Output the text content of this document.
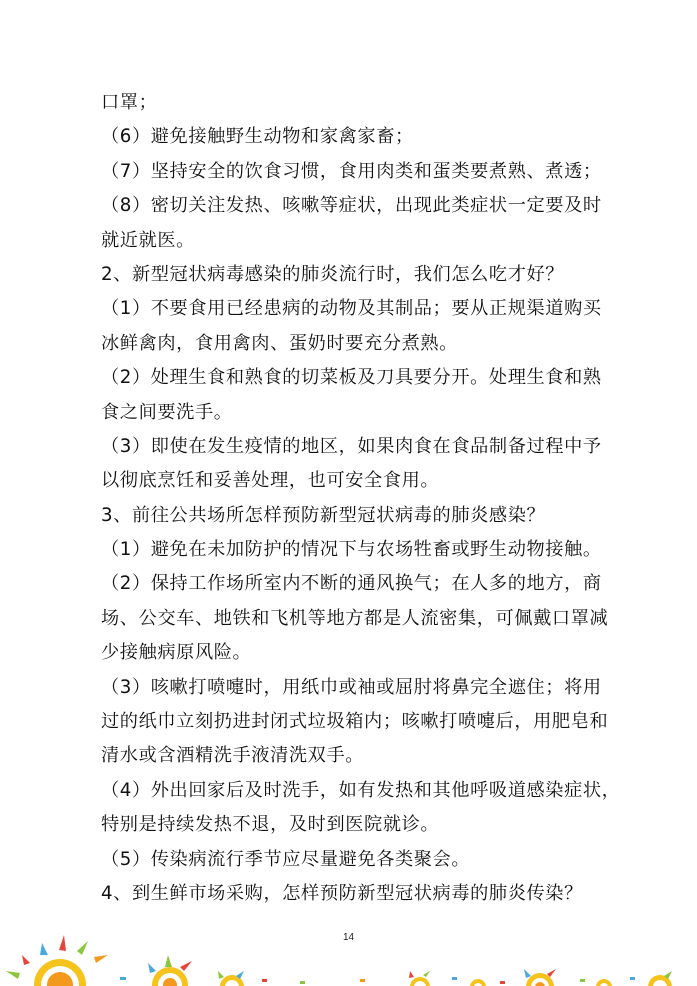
口罩；
（6）避免接触野生动物和家禽家畜；
（7）坚持安全的饮食习惯，食用肉类和蛋类要煮熟、煮透；
（8）密切关注发热、咳嗽等症状，出现此类症状一定要及时
就近就医。
2、新型冠状病毒感染的肺炎流行时，我们怎么吃才好？
（1）不要食用已经患病的动物及其制品；要从正规渠道购买
冰鲜禽肉，食用禽肉、蛋奶时要充分煮熟。
（2）处理生食和熟食的切菜板及刀具要分开。处理生食和熟
食之间要洗手。
（3）即使在发生疫情的地区，如果肉食在食品制备过程中予
以彻底烹饪和妥善处理，也可安全食用。
3、前往公共场所怎样预防新型冠状病毒的肺炎感染？
（1）避免在未加防护的情况下与农场牲畜或野生动物接触。
（2）保持工作场所室内不断的通风换气；在人多的地方，商
场、公交车、地铁和飞机等地方都是人流密集，可佩戴口罩减
少接触病原风险。
（3）咳嗽打喷嚏时，用纸巾或袖或屈肘将鼻完全遮住；将用
过的纸巾立刻扔进封闭式垃圾箱内；咳嗽打喷嚏后，用肥皂和
清水或含酒精洗手液清洗双手。
（4）外出回家后及时洗手，如有发热和其他呼吸道感染症状，
特别是持续发热不退，及时到医院就诊。
（5）传染病流行季节应尽量避免各类聚会。
4、到生鲜市场采购，怎样预防新型冠状病毒的肺炎传染？
14
